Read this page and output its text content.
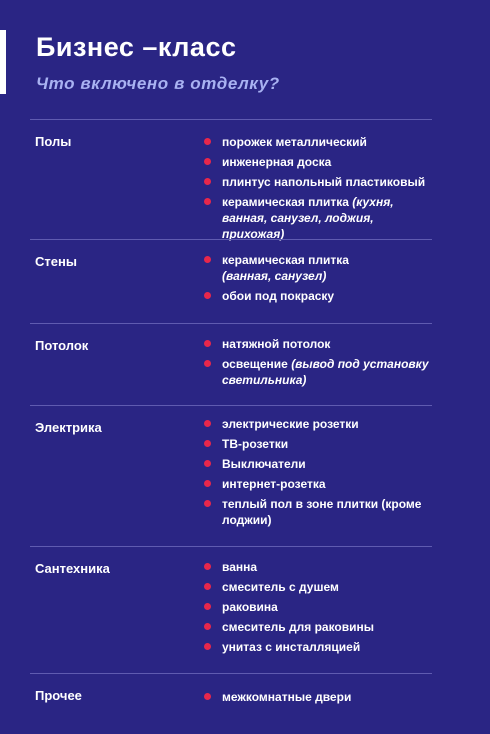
Бизнес –класс
Что включено в отделку?
Полы	порожек металлический
инженерная доска
плинтус напольный пластиковый
керамическая плитка (кухня, ванная, санузел, лоджия, прихожая)
Стены	керамическая плитка
(ванная, санузел)
обои под покраску
Потолок	натяжной потолок
освещение (вывод под установку светильника)
Электрика	электрические розетки
ТВ-розетки
Выключатели
интернет-розетка
теплый пол в зоне плитки (кроме лоджии)
Сантехника	ванна
смеситель с душем
раковина
смеситель для раковины
унитаз с инсталляцией
Прочее	межкомнатные двери
